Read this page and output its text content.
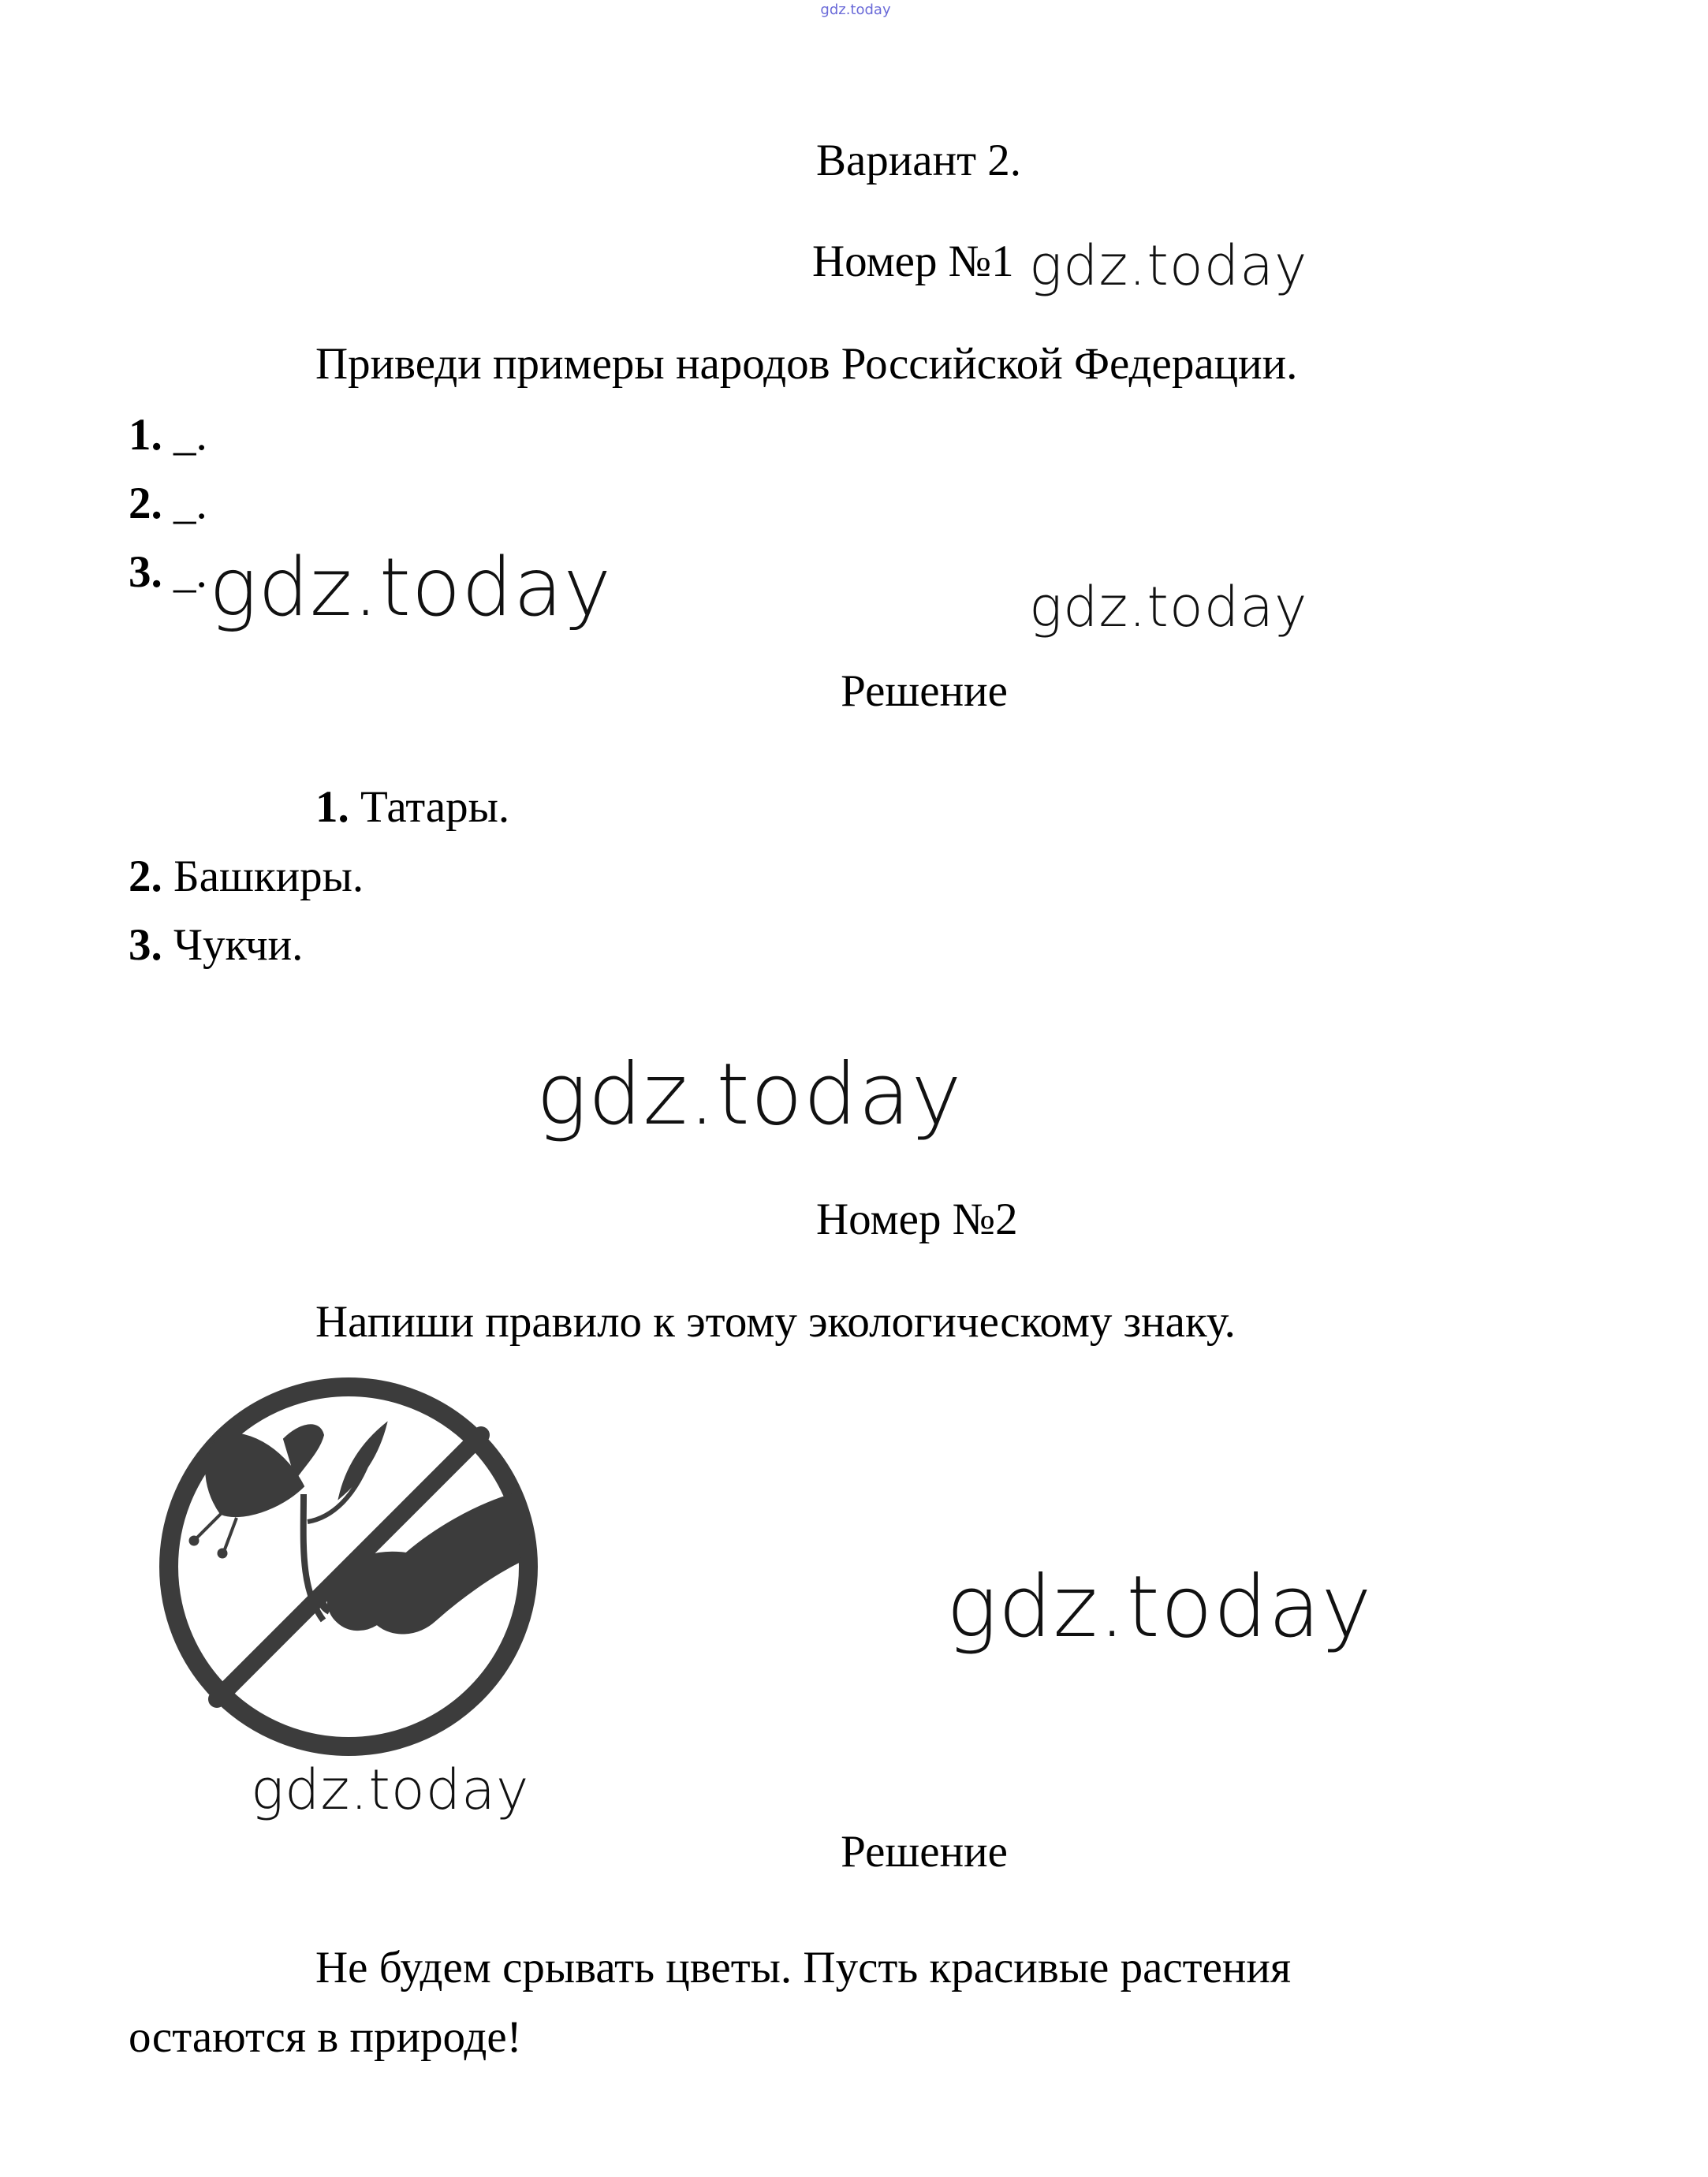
gdz.today
Вариант 2.
Номер №1 gdz.today
Приведи примеры народов Российской Федерации.
1. _.
2. _.
3. _. gdz.today	gdz.today
Решение
1. Татары.
2. Башкиры.
3. Чукчи.
gdz.today
Номер №2
Напиши правило к этому экологическому знаку.
gdz.today
gdz.today
Решение
Не будем срывать цветы. Пусть красивые растения
остаются в природе!
